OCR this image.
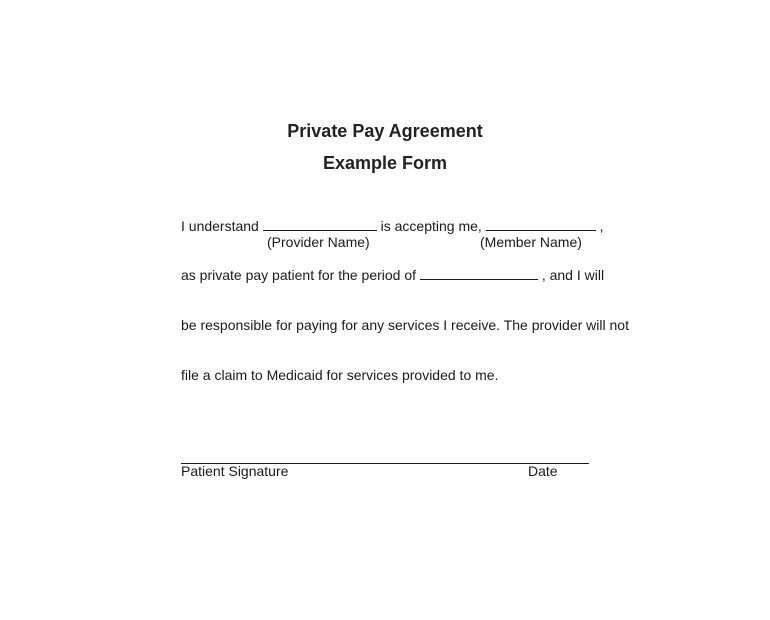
Private Pay Agreement
Example Form
I understand	is accepting me,	,
(Provider Name)	(Member Name)
as private pay patient for the period of	, and I will
be responsible for paying for any services I receive. The provider will not
file a claim to Medicaid for services provided to me.
Patient Signature	Date
